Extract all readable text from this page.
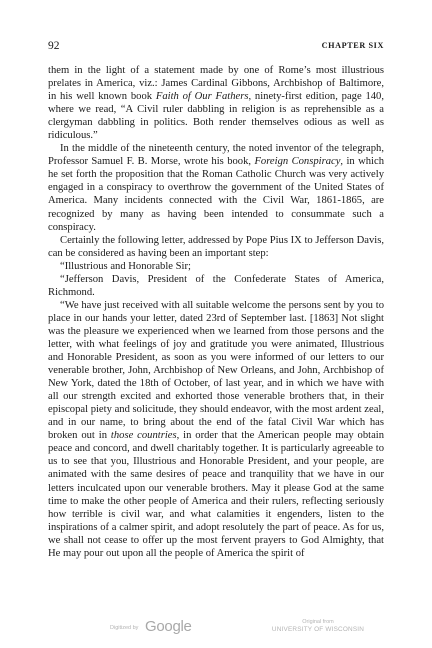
92	CHAPTER SIX

them in the light of a statement made by one of Rome’s most illustrious prelates in America, viz.: James Cardinal Gibbons, Archbishop of Baltimore, in his well known book Faith of Our Fathers, ninety-first edition, page 140, where we read, “A Civil ruler dabbling in religion is as reprehensible as a clergyman dabbling in politics. Both render themselves odious as well as ridiculous.”

In the middle of the nineteenth century, the noted inventor of the telegraph, Professor Samuel F. B. Morse, wrote his book, Foreign Conspiracy, in which he set forth the proposition that the Roman Catholic Church was very actively engaged in a conspiracy to overthrow the government of the United States of America. Many incidents connected with the Civil War, 1861-1865, are recognized by many as having been intended to consummate such a conspiracy.

Certainly the following letter, addressed by Pope Pius IX to Jefferson Davis, can be considered as having been an important step:

“Illustrious and Honorable Sir;

“Jefferson Davis, President of the Confederate States of America, Richmond.

“We have just received with all suitable welcome the persons sent by you to place in our hands your letter, dated 23rd of September last. [1863] Not slight was the pleasure we experienced when we learned from those persons and the letter, with what feelings of joy and gratitude you were animated, Illustrious and Honorable President, as soon as you were informed of our letters to our venerable brother, John, Archbishop of New Orleans, and John, Archbishop of New York, dated the 18th of October, of last year, and in which we have with all our strength excited and exhorted those venerable brothers that, in their episcopal piety and solicitude, they should endeavor, with the most ardent zeal, and in our name, to bring about the end of the fatal Civil War which has broken out in those countries, in order that the American people may obtain peace and concord, and dwell charitably together. It is particularly agreeable to us to see that you, Illustrious and Honorable President, and your people, are animated with the same desires of peace and tranquility that we have in our letters inculcated upon our venerable brothers. May it please God at the same time to make the other people of America and their rulers, reflecting seriously how terrible is civil war, and what calamities it engenders, listen to the inspirations of a calmer spirit, and adopt resolutely the part of peace. As for us, we shall not cease to offer up the most fervent prayers to God Almighty, that He may pour out upon all the people of America the spirit of

Digitized by Google	Original from
UNIVERSITY OF WISCONSIN
